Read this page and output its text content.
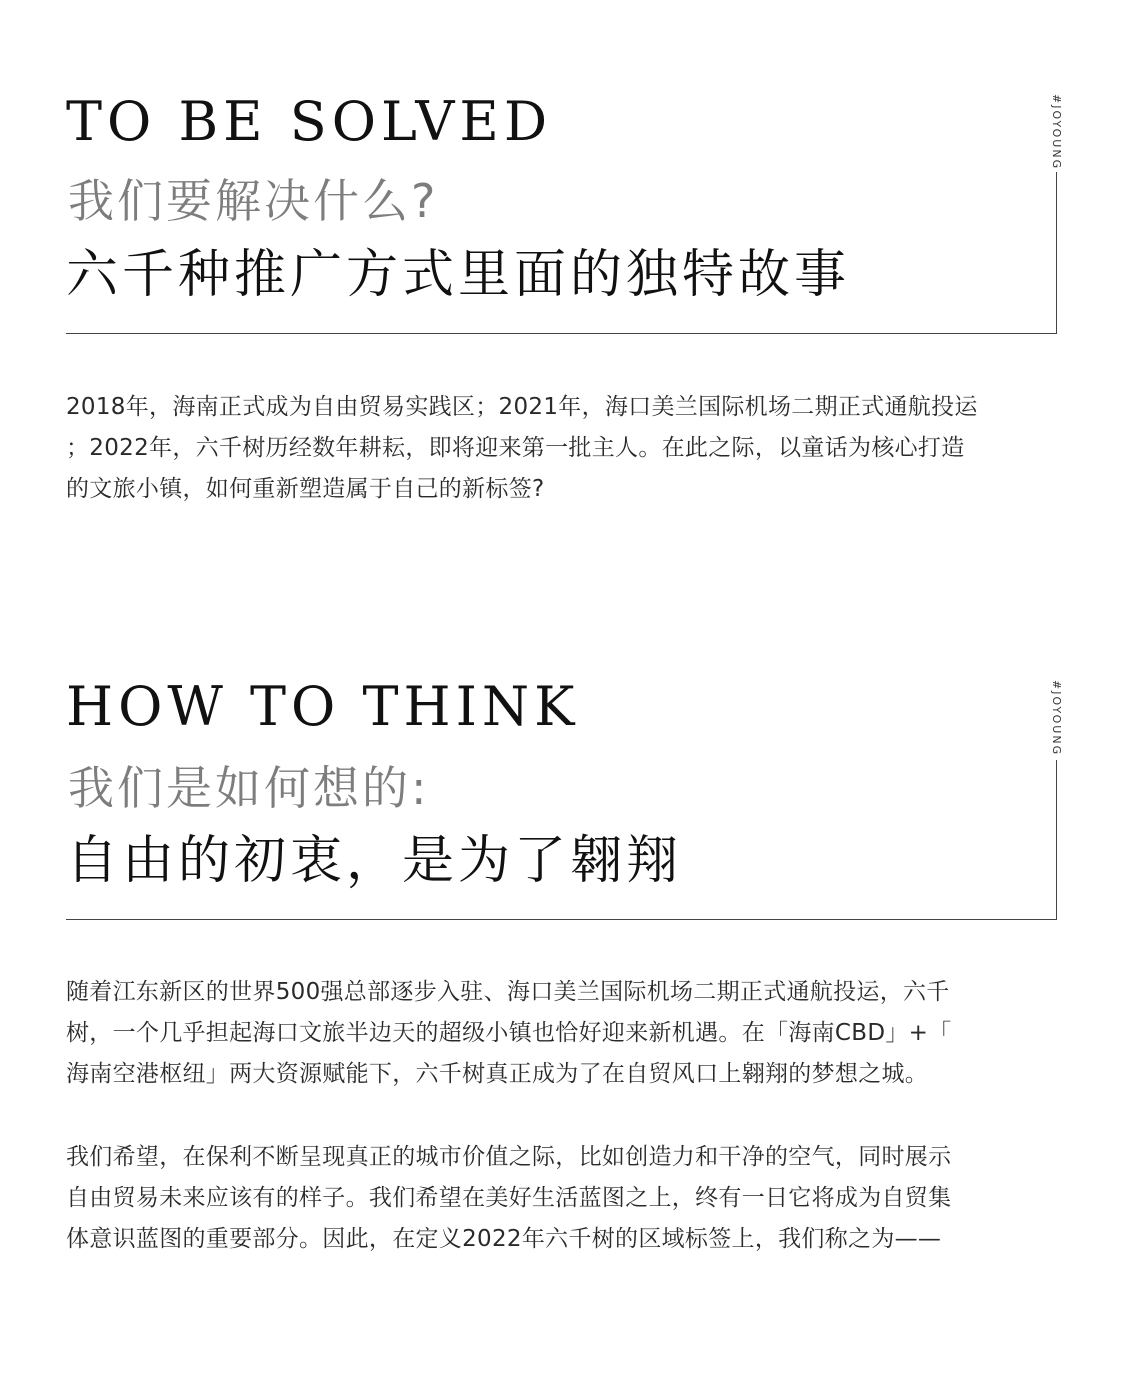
TO BE SOLVED
我们要解决什么?
六千种推广方式里面的独特故事
#JOYOUNG
2018年，海南正式成为自由贸易实践区；2021年，海口美兰国际机场二期正式通航投运
；2022年，六千树历经数年耕耘，即将迎来第一批主人。在此之际，以童话为核心打造
的文旅小镇，如何重新塑造属于自己的新标签?
HOW TO THINK
我们是如何想的:
自由的初衷，是为了翱翔
#JOYOUNG
随着江东新区的世界500强总部逐步入驻、海口美兰国际机场二期正式通航投运，六千
树，一个几乎担起海口文旅半边天的超级小镇也恰好迎来新机遇。在「海南CBD」+「
海南空港枢纽」两大资源赋能下，六千树真正成为了在自贸风口上翱翔的梦想之城。
我们希望，在保利不断呈现真正的城市价值之际，比如创造力和干净的空气，同时展示
自由贸易未来应该有的样子。我们希望在美好生活蓝图之上，终有一日它将成为自贸集
体意识蓝图的重要部分。因此，在定义2022年六千树的区域标签上，我们称之为——
